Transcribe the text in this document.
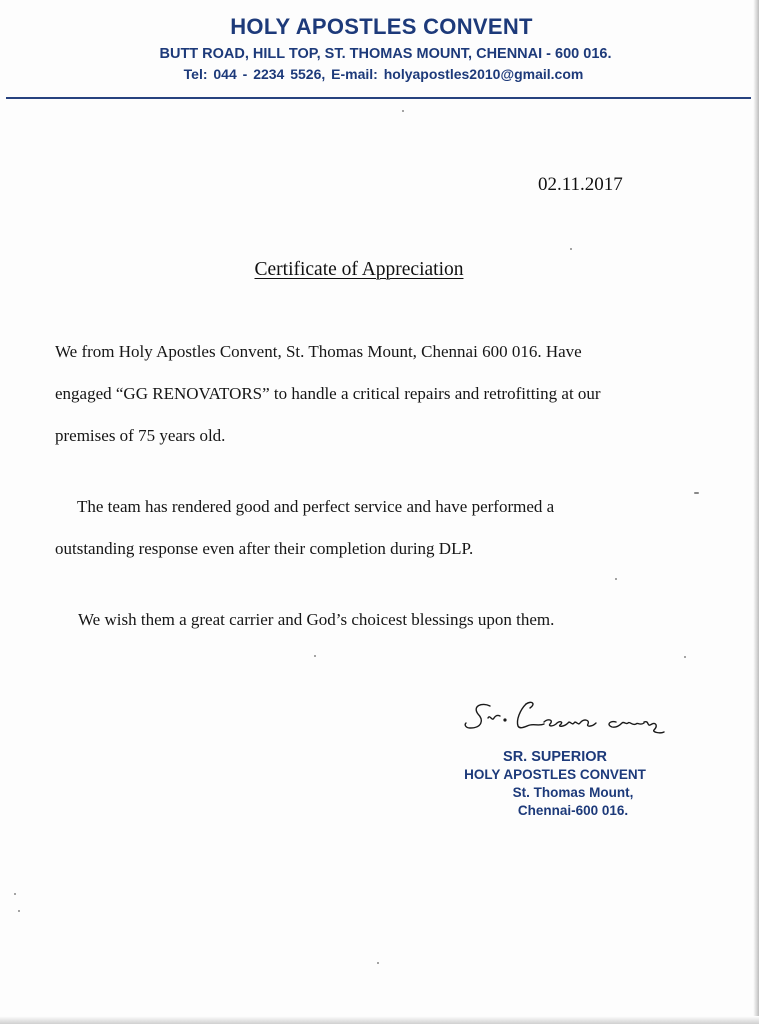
HOLY APOSTLES CONVENT

BUTT ROAD, HILL TOP, ST. THOMAS MOUNT, CHENNAI - 600 016.

Tel: 044 - 2234 5526, E-mail: holyapostles2010@gmail.com

02.11.2017
Certificate of Appreciation
We from Holy Apostles Convent, St. Thomas Mount, Chennai 600 016. Have
engaged “GG RENOVATORS” to handle a critical repairs and retrofitting at our
premises of 75 years old.
The team has rendered good and perfect service and have performed a
outstanding response even after their completion during DLP.
We wish them a great carrier and God’s choicest blessings upon them.
SR. SUPERIOR
HOLY APOSTLES CONVENT
St. Thomas Mount,
Chennai-600 016.
